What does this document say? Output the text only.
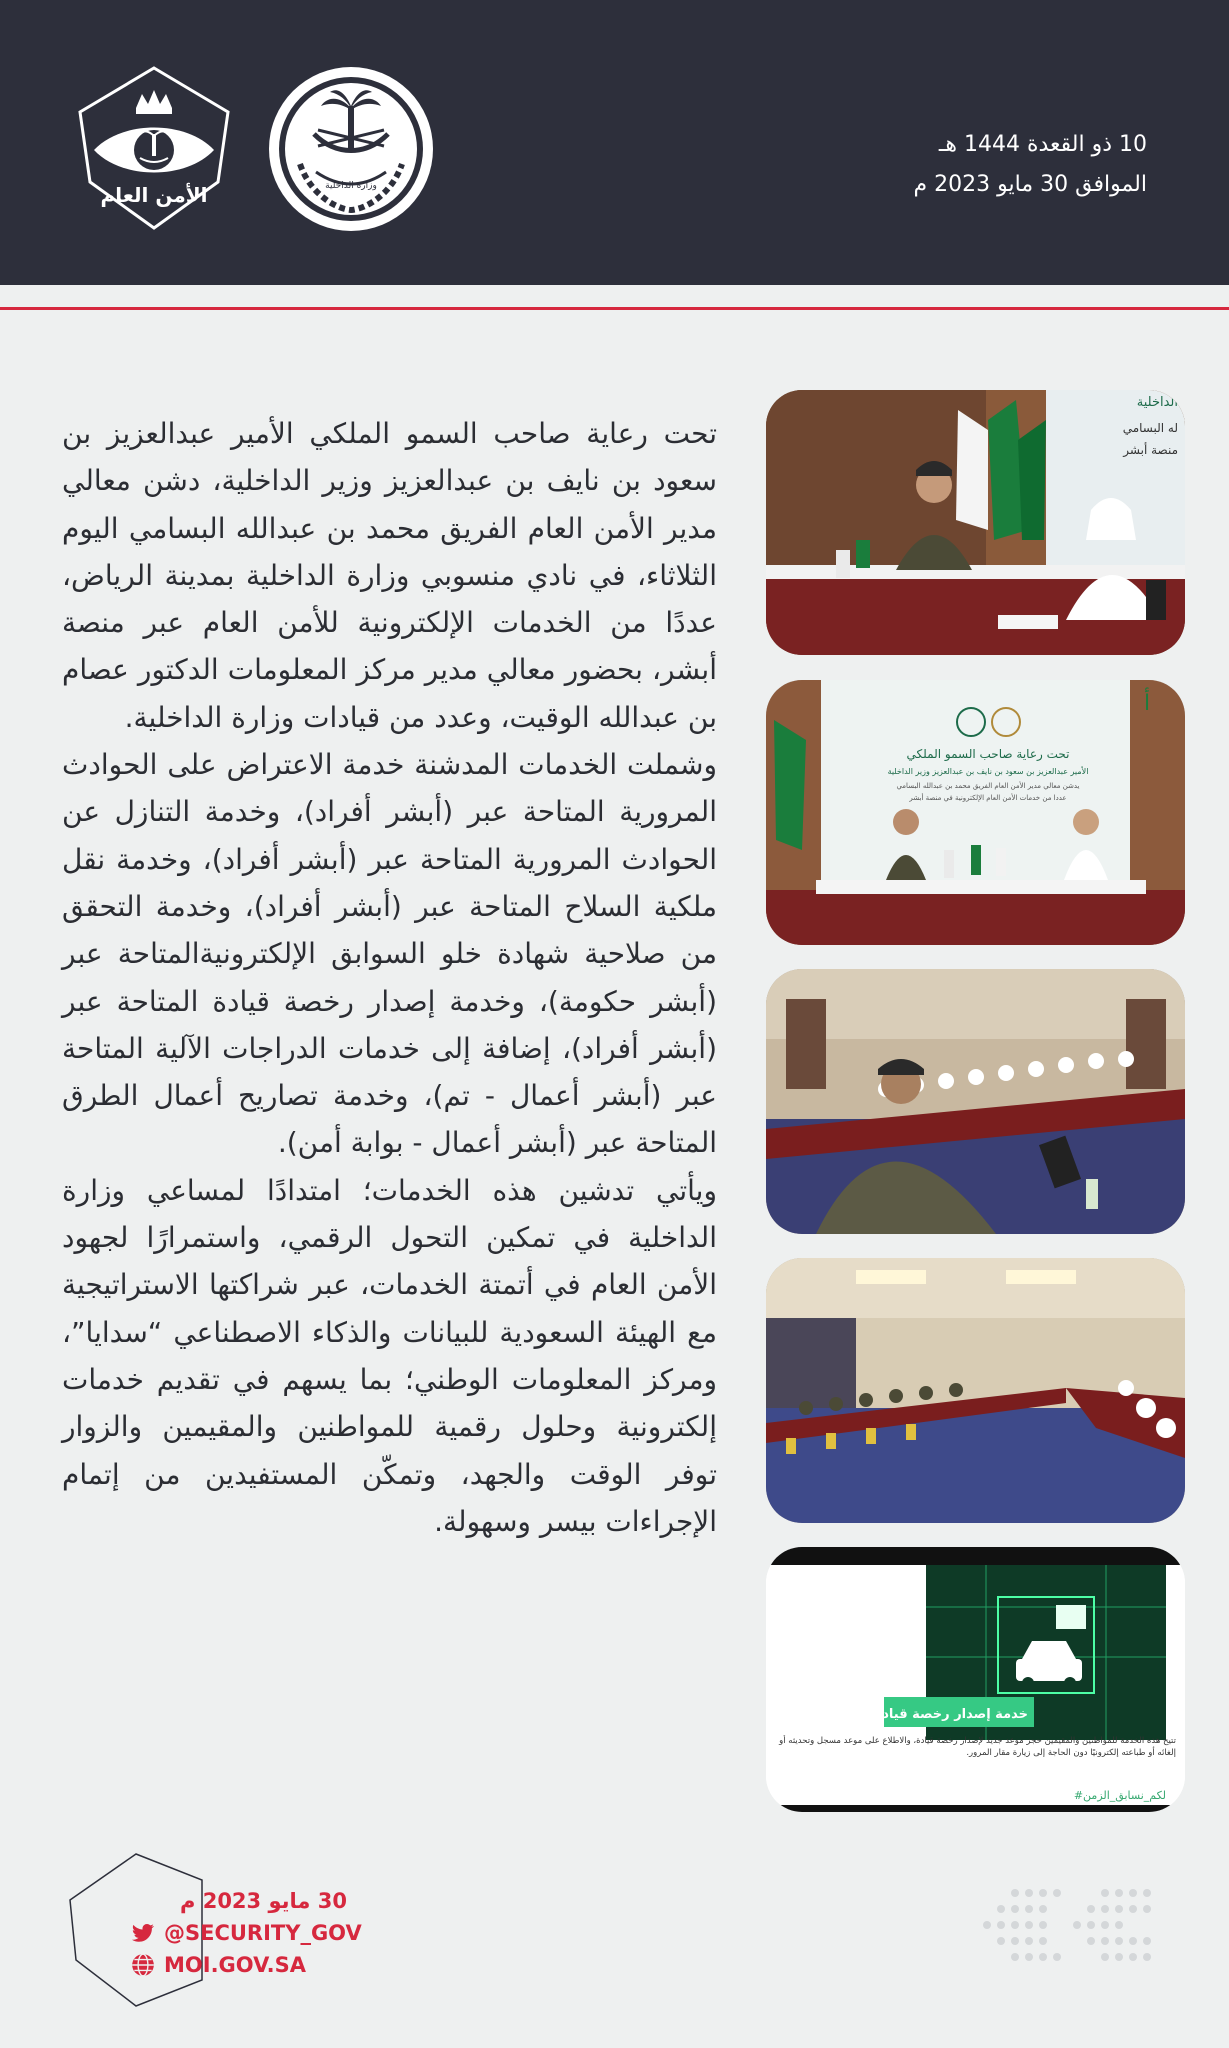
10 ذو القعدة 1444 هـ
الموافق 30 مايو 2023 م
وزارة الداخلية
الأمن العام

تحت رعاية صاحب السمو الملكي الأمير عبدالعزيز بن سعود بن نايف بن عبدالعزيز وزير الداخلية، دشن معالي مدير الأمن العام الفريق محمد بن عبدالله البسامي اليوم الثلاثاء، في نادي منسوبي وزارة الداخلية بمدينة الرياض، عددًا من الخدمات الإلكترونية للأمن العام عبر منصة أبشر، بحضور معالي مدير مركز المعلومات الدكتور عصام بن عبدالله الوقيت، وعدد من قيادات وزارة الداخلية.

وشملت الخدمات المدشنة خدمة الاعتراض على الحوادث المرورية المتاحة عبر (أبشر أفراد)، وخدمة التنازل عن الحوادث المرورية المتاحة عبر (أبشر أفراد)، وخدمة نقل ملكية السلاح المتاحة عبر (أبشر أفراد)، وخدمة التحقق من صلاحية شهادة خلو السوابق الإلكترونيةالمتاحة عبر (أبشر حكومة)، وخدمة إصدار رخصة قيادة المتاحة عبر (أبشر أفراد)، إضافة إلى خدمات الدراجات الآلية المتاحة عبر (أبشر أعمال - تم)، وخدمة تصاريح أعمال الطرق المتاحة عبر (أبشر أعمال - بوابة أمن).

ويأتي تدشين هذه الخدمات؛ امتدادًا لمساعي وزارة الداخلية في تمكين التحول الرقمي، واستمرارًا لجهود الأمن العام في أتمتة الخدمات، عبر شراكتها الاستراتيجية مع الهيئة السعودية للبيانات والذكاء الاصطناعي “سدايا”، ومركز المعلومات الوطني؛ بما يسهم في تقديم خدمات إلكترونية وحلول رقمية للمواطنين والمقيمين والزوار توفر الوقت والجهد، وتمكّن المستفيدين من إتمام الإجراءات بيسر وسهولة.

الداخلية
له البسامي
منصة أبشر
تحت رعاية صاحب السمو الملكي
الأمير عبدالعزيز بن سعود بن نايف بن عبدالعزيز وزير الداخلية
يدشن معالي مدير الأمن العام الفريق محمد بن عبدالله البسامي
عددا من خدمات الأمن العام الإلكترونية في منصة أبشر
ﺃ
خدمة إصدار رخصة قيادة
تتيح هذه الخدمة للمواطنين والمقيمين حجز موعد جديد لإصدار رخصة قيادة، والاطلاع على موعد مسجل وتحديثه أو إلغائه أو طباعته إلكترونيًا دون الحاجة إلى زيارة مقار المرور.
#لكم_نسابق_الزمن
30 مايو 2023 م
@SECURITY_GOV
MOI.GOV.SA
